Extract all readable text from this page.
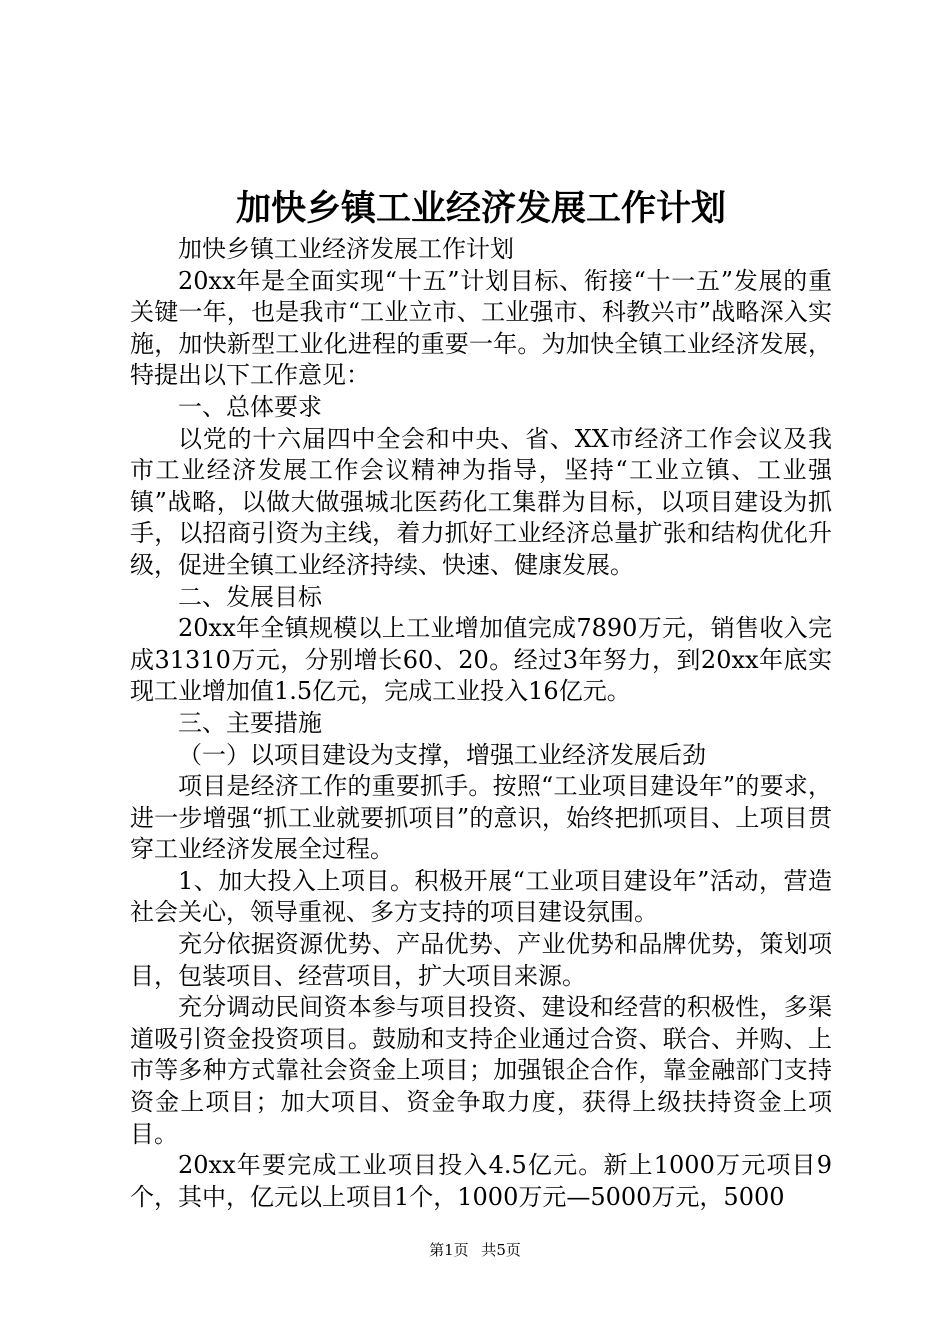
加快乡镇工业经济发展工作计划

加快乡镇工业经济发展工作计划

20xx年是全面实现“十五”计划目标、衔接“十一五”发展的重关键一年，也是我市“工业立市、工业强市、科教兴市”战略深入实施，加快新型工业化进程的重要一年。为加快全镇工业经济发展，特提出以下工作意见：

一、总体要求

以党的十六届四中全会和中央、省、XX市经济工作会议及我市工业经济发展工作会议精神为指导，坚持“工业立镇、工业强镇”战略，以做大做强城北医药化工集群为目标，以项目建设为抓手，以招商引资为主线，着力抓好工业经济总量扩张和结构优化升级，促进全镇工业经济持续、快速、健康发展。

二、发展目标

20xx年全镇规模以上工业增加值完成7890万元，销售收入完成31310万元，分别增长60、20。经过3年努力，到20xx年底实现工业增加值1.5亿元，完成工业投入16亿元。

三、主要措施

（一）以项目建设为支撑，增强工业经济发展后劲

项目是经济工作的重要抓手。按照“工业项目建设年”的要求，进一步增强“抓工业就要抓项目”的意识，始终把抓项目、上项目贯穿工业经济发展全过程。

1、加大投入上项目。积极开展“工业项目建设年”活动，营造社会关心，领导重视、多方支持的项目建设氛围。

充分依据资源优势、产品优势、产业优势和品牌优势，策划项目，包装项目、经营项目，扩大项目来源。

充分调动民间资本参与项目投资、建设和经营的积极性，多渠道吸引资金投资项目。鼓励和支持企业通过合资、联合、并购、上市等多种方式靠社会资金上项目；加强银企合作，靠金融部门支持资金上项目；加大项目、资金争取力度，获得上级扶持资金上项目。

20xx年要完成工业项目投入4.5亿元。新上1000万元项目9个，其中，亿元以上项目1个，1000万元—5000万元，5000

第1页 共5页
